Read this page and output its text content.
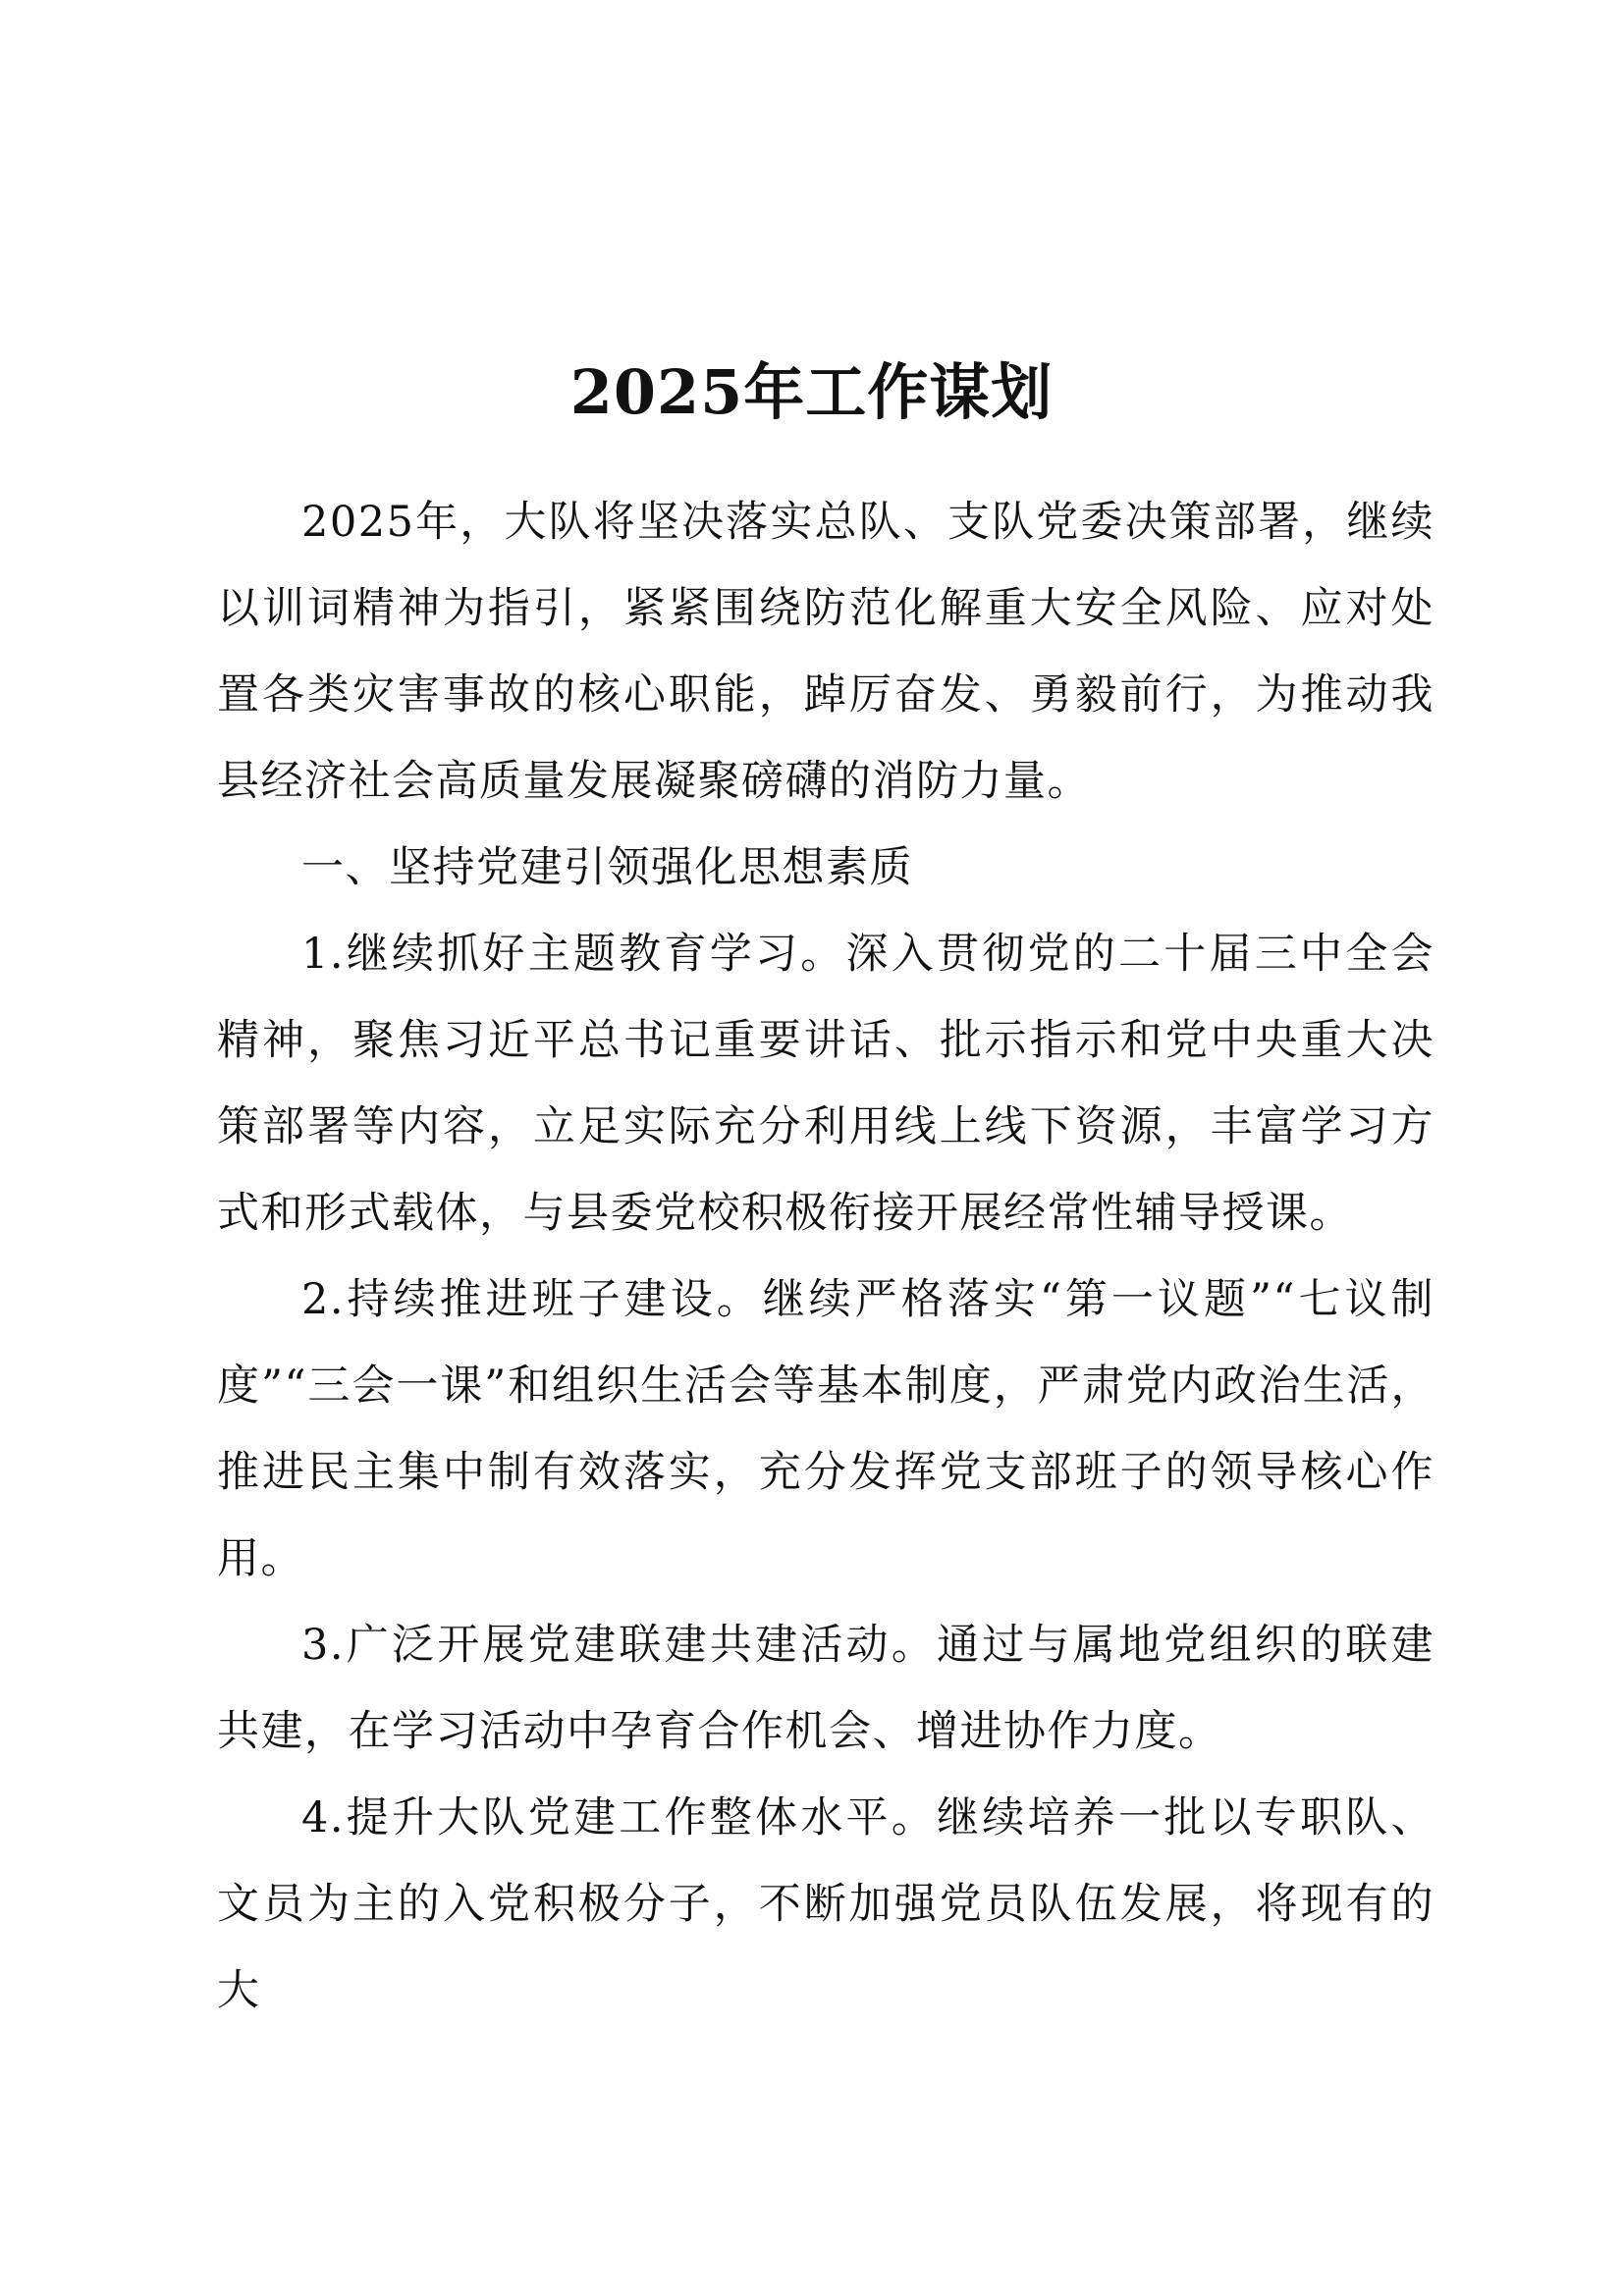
2025年工作谋划

2025年，大队将坚决落实总队、支队党委决策部署，继续以训词精神为指引，紧紧围绕防范化解重大安全风险、应对处置各类灾害事故的核心职能，踔厉奋发、勇毅前行，为推动我县经济社会高质量发展凝聚磅礴的消防力量。

一、坚持党建引领强化思想素质

1.继续抓好主题教育学习。深入贯彻党的二十届三中全会精神，聚焦习近平总书记重要讲话、批示指示和党中央重大决策部署等内容，立足实际充分利用线上线下资源，丰富学习方式和形式载体，与县委党校积极衔接开展经常性辅导授课。

2.持续推进班子建设。继续严格落实“第一议题”“七议制度”“三会一课”和组织生活会等基本制度，严肃党内政治生活，推进民主集中制有效落实，充分发挥党支部班子的领导核心作用。

3.广泛开展党建联建共建活动。通过与属地党组织的联建共建，在学习活动中孕育合作机会、增进协作力度。

4.提升大队党建工作整体水平。继续培养一批以专职队、文员为主的入党积极分子，不断加强党员队伍发展，将现有的大
